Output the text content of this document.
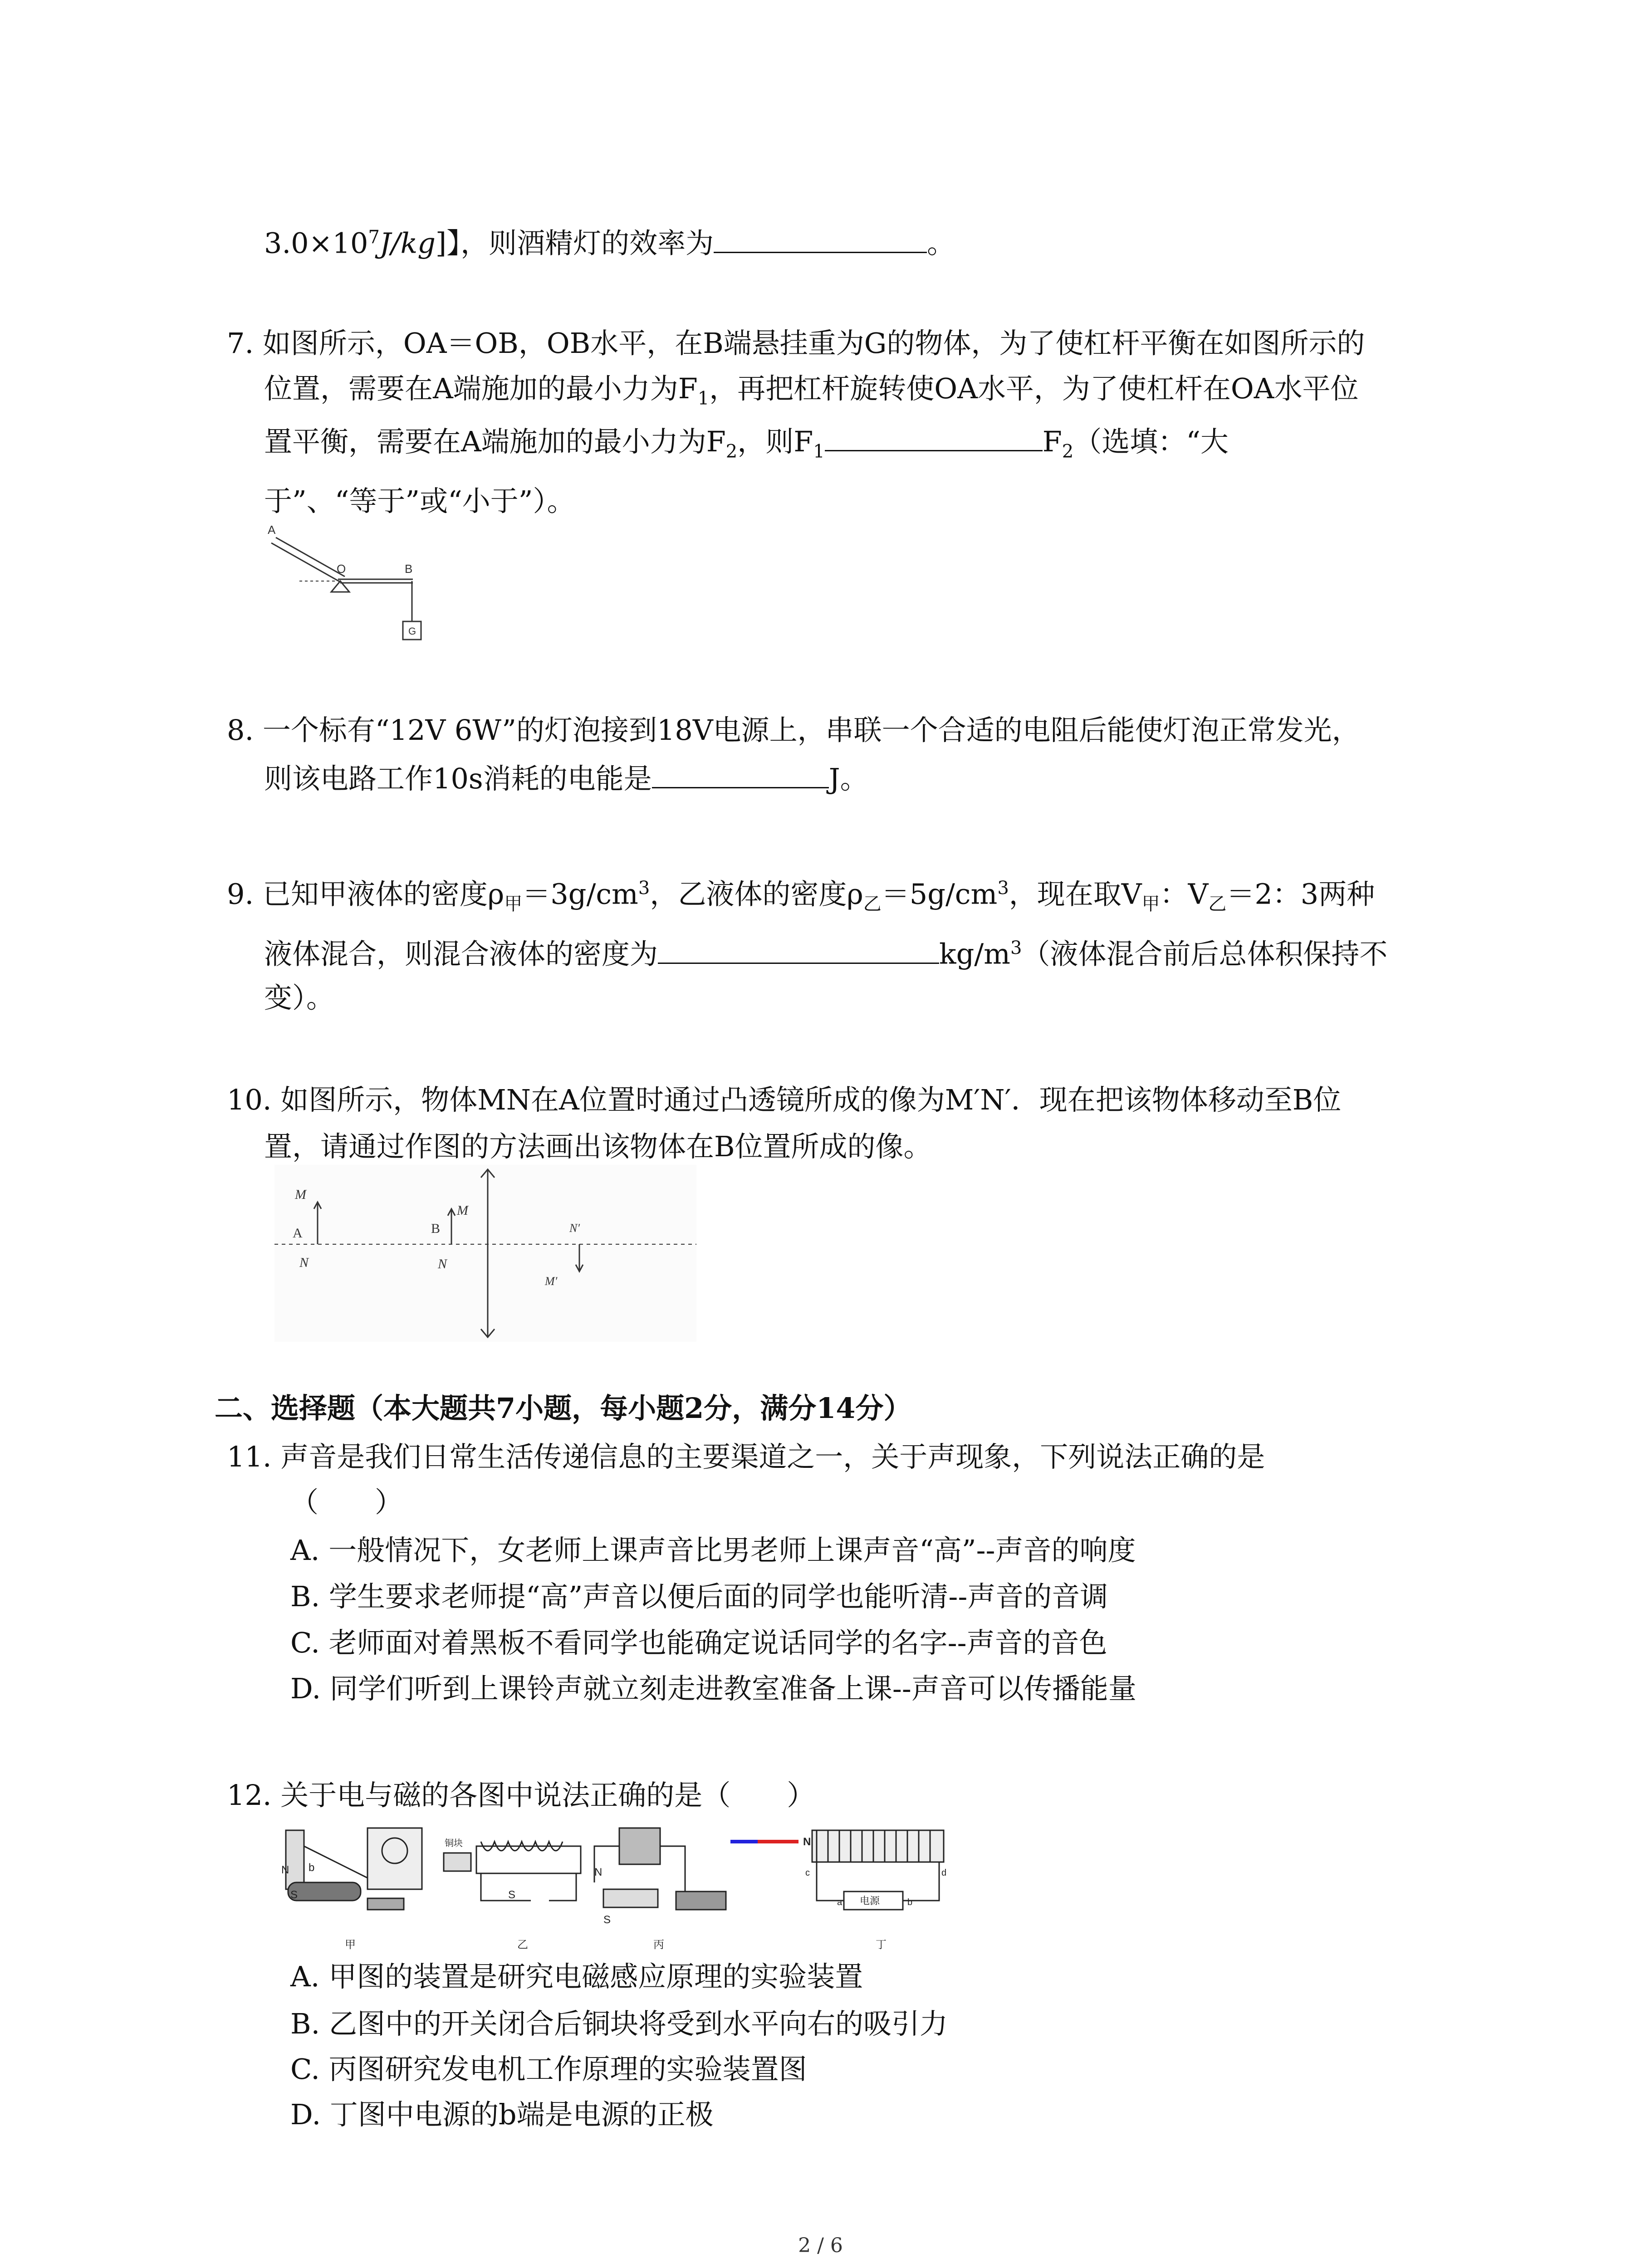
$3.0\times 10^7J/kg$]】，则酒精灯的效率为	。
7. 如图所示，OA＝OB，OB水平，在B端悬挂重为G的物体，为了使杠杆平衡在如图所示的
位置，需要在A端施加的最小力为$F_1$，再把杠杆旋转使OA水平，为了使杠杆在OA水平位
置平衡，需要在A端施加的最小力为$F_2$，则$F_1$	$F_2$（选填：“大
于”、“等于”或“小于”）。
A
O	B
G
8. 一个标有“12V 6W”的灯泡接到18V电源上，串联一个合适的电阻后能使灯泡正常发光，
则该电路工作10s消耗的电能是	J。
9. 已知甲液体的密度$\rho_甲=3g/cm^3$，乙液体的密度$\rho_乙=5g/cm^3$，现在取$V_甲$：$V_乙=2$：3两种
液体混合，则混合液体的密度为	$kg/m^3$（液体混合前后总体积保持不
变）。
10. 如图所示，物体MN在A位置时通过凸透镜所成的像为M′N′．现在把该物体移动至B位
置，请通过作图的方法画出该物体在B位置所成的像。
M
A
N
B
M
N
N′
M′
二、选择题（本大题共7小题，每小题2分，满分14分）
11. 声音是我们日常生活传递信息的主要渠道之一，关于声现象，下列说法正确的是
（　　）
A. 一般情况下，女老师上课声音比男老师上课声音“高”--声音的响度
B. 学生要求老师提“高”声音以便后面的同学也能听清--声音的音调
C. 老师面对着黑板不看同学也能确定说话同学的名字--声音的音色
D. 同学们听到上课铃声就立刻走进教室准备上课--声音可以传播能量
12. 关于电与磁的各图中说法正确的是（　　）
N b
S
铜块
S
N
S
N
c	d
a	b
电源
甲	乙	丙	丁
A. 甲图的装置是研究电磁感应原理的实验装置
B. 乙图中的开关闭合后铜块将受到水平向右的吸引力
C. 丙图研究发电机工作原理的实验装置图
D. 丁图中电源的b端是电源的正极
2 / 6
